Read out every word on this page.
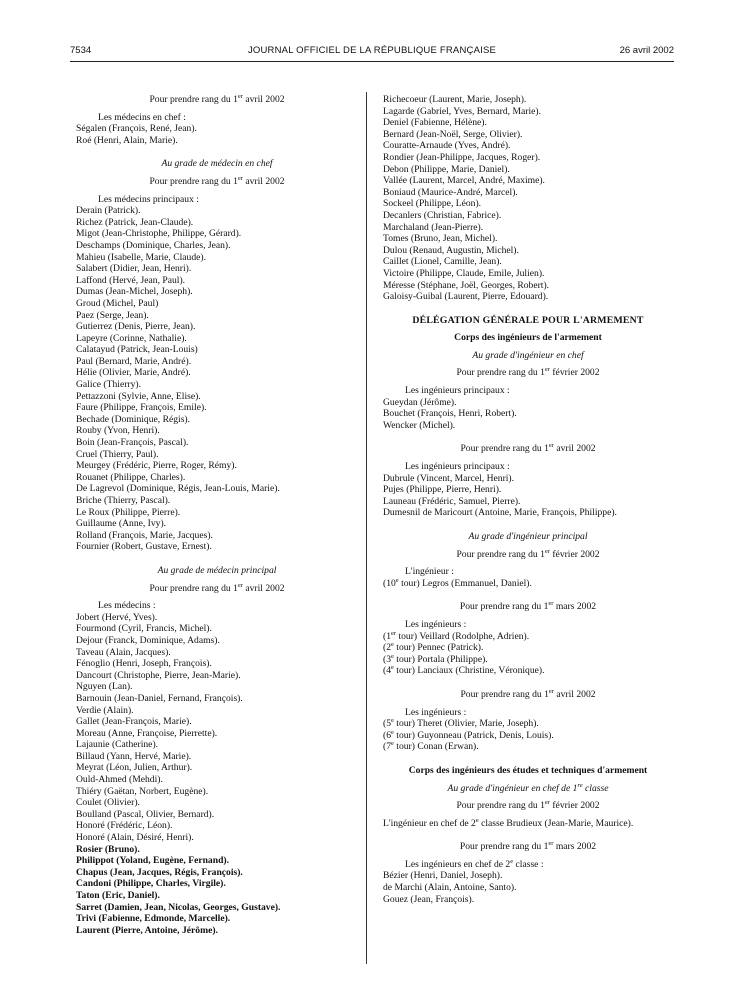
7534	JOURNAL OFFICIEL DE LA RÉPUBLIQUE FRANÇAISE	26 avril 2002
Pour prendre rang du 1er avril 2002
Les médecins en chef :
Ségalen (François, René, Jean).
Roé (Henri, Alain, Marie).
Au grade de médecin en chef
Pour prendre rang du 1er avril 2002
Les médecins principaux :
Derain (Patrick).
Richez (Patrick, Jean-Claude).
Migot (Jean-Christophe, Philippe, Gérard).
Deschamps (Dominique, Charles, Jean).
Mahieu (Isabelle, Marie, Claude).
Salabert (Didier, Jean, Henri).
Laffond (Hervé, Jean, Paul).
Dumas (Jean-Michel, Joseph).
Groud (Michel, Paul)
Paez (Serge, Jean).
Gutierrez (Denis, Pierre, Jean).
Lapeyre (Corinne, Nathalie).
Calatayud (Patrick, Jean-Louis)
Paul (Bernard, Marie, André).
Hélie (Olivier, Marie, André).
Galice (Thierry).
Pettazzoni (Sylvie, Anne, Elise).
Faure (Philippe, François, Emile).
Bechade (Dominique, Régis).
Rouby (Yvon, Henri).
Boin (Jean-François, Pascal).
Cruel (Thierry, Paul).
Meurgey (Frédéric, Pierre, Roger, Rémy).
Rouanet (Philippe, Charles).
De Lagrevol (Dominique, Régis, Jean-Louis, Marie).
Briche (Thierry, Pascal).
Le Roux (Philippe, Pierre).
Guillaume (Anne, Ivy).
Rolland (François, Marie, Jacques).
Fournier (Robert, Gustave, Ernest).
Au grade de médecin principal
Pour prendre rang du 1er avril 2002
Les médecins :
Jobert (Hervé, Yves).
Fourmond (Cyril, Francis, Michel).
Dejour (Franck, Dominique, Adams).
Taveau (Alain, Jacques).
Fénoglio (Henri, Joseph, François).
Dancourt (Christophe, Pierre, Jean-Marie).
Nguyen (Lan).
Barnouin (Jean-Daniel, Fernand, François).
Verdie (Alain).
Gallet (Jean-François, Marie).
Moreau (Anne, Françoise, Pierrette).
Lajaunie (Catherine).
Billaud (Yann, Hervé, Marie).
Meyrat (Léon, Julien, Arthur).
Ould-Ahmed (Mehdi).
Thiéry (Gaëtan, Norbert, Eugène).
Coulet (Olivier).
Boulland (Pascal, Olivier, Bernard).
Honoré (Frédéric, Léon).
Honoré (Alain, Désiré, Henri).
Rosier (Bruno).
Philippot (Yoland, Eugène, Fernand).
Chapus (Jean, Jacques, Régis, François).
Candoni (Philippe, Charles, Virgile).
Taton (Eric, Daniel).
Sarret (Damien, Jean, Nicolas, Georges, Gustave).
Trivi (Fabienne, Edmonde, Marcelle).
Laurent (Pierre, Antoine, Jérôme).
Richecoeur (Laurent, Marie, Joseph).
Lagarde (Gabriel, Yves, Bernard, Marie).
Deniel (Fabienne, Hélène).
Bernard (Jean-Noël, Serge, Olivier).
Couratte-Arnaude (Yves, André).
Rondier (Jean-Philippe, Jacques, Roger).
Debon (Philippe, Marie, Daniel).
Vallée (Laurent, Marcel, André, Maxime).
Boniaud (Maurice-André, Marcel).
Sockeel (Philippe, Léon).
Decanlers (Christian, Fabrice).
Marchaland (Jean-Pierre).
Tomes (Bruno, Jean, Michel).
Dulou (Renaud, Augustin, Michel).
Caillet (Lionel, Camille, Jean).
Victoire (Philippe, Claude, Emile, Julien).
Méresse (Stéphane, Joël, Georges, Robert).
Galoisy-Guibal (Laurent, Pierre, Edouard).
DÉLÉGATION GÉNÉRALE POUR L'ARMEMENT
Corps des ingénieurs de l'armement
Au grade d'ingénieur en chef
Pour prendre rang du 1er février 2002
Les ingénieurs principaux :
Gueydan (Jérôme).
Bouchet (François, Henri, Robert).
Wencker (Michel).
Pour prendre rang du 1er avril 2002
Les ingénieurs principaux :
Dubrule (Vincent, Marcel, Henri).
Pujes (Philippe, Pierre, Henri).
Launeau (Frédéric, Samuel, Pierre).
Dumesnil de Maricourt (Antoine, Marie, François, Philippe).
Au grade d'ingénieur principal
Pour prendre rang du 1er février 2002
L'ingénieur :
(10e tour) Legros (Emmanuel, Daniel).
Pour prendre rang du 1er mars 2002
Les ingénieurs :
(1er tour) Veillard (Rodolphe, Adrien).
(2e tour) Pennec (Patrick).
(3e tour) Portala (Philippe).
(4e tour) Lanciaux (Christine, Véronique).
Pour prendre rang du 1er avril 2002
Les ingénieurs :
(5e tour) Theret (Olivier, Marie, Joseph).
(6e tour) Guyonneau (Patrick, Denis, Louis).
(7e tour) Conan (Erwan).
Corps des ingénieurs des études et techniques d'armement
Au grade d'ingénieur en chef de 1re classe
Pour prendre rang du 1er février 2002
L'ingénieur en chef de 2e classe Brudieux (Jean-Marie, Maurice).
Pour prendre rang du 1er mars 2002
Les ingénieurs en chef de 2e classe :
Bézier (Henri, Daniel, Joseph).
de Marchi (Alain, Antoine, Santo).
Gouez (Jean, François).
